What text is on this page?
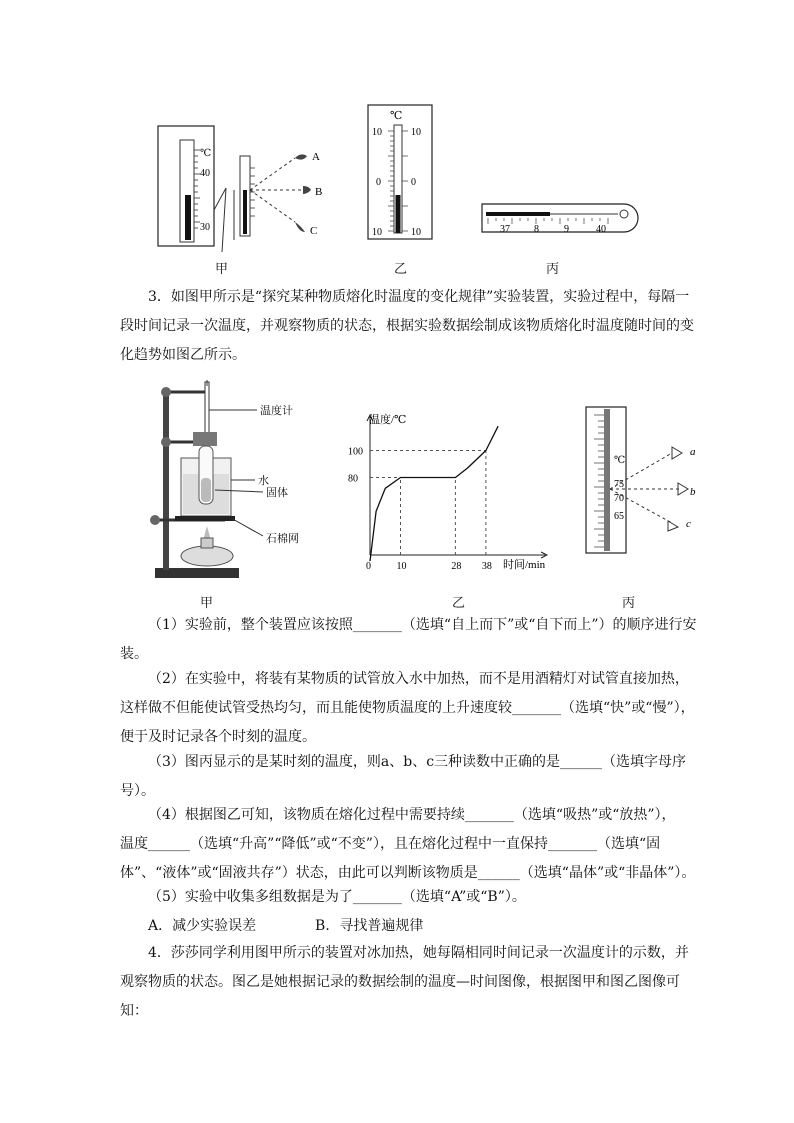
℃
40
30
A
B
C
℃
10
0
10
10
0
10	37 8	9	40
甲	乙	丙
3．如图甲所示是“探究某种物质熔化时温度的变化规律”实验装置，实验过程中，每隔一段时间记录一次温度，并观察物质的状态，根据实验数据绘制成该物质熔化时温度随时间的变化趋势如图乙所示。
温度计
水
固体
石棉网
100
80
0	10	28 38
温度/℃
时间/min
℃
75
70
65
a
b
c
甲	乙	丙
（1）实验前，整个装置应该按照_______（选填“自上而下”或“自下而上”）的顺序进行安装。
（2）在实验中，将装有某物质的试管放入水中加热，而不是用酒精灯对试管直接加热，这样做不但能使试管受热均匀，而且能使物质温度的上升速度较_______（选填“快”或“慢”），便于及时记录各个时刻的温度。
（3）图丙显示的是某时刻的温度，则a、b、c三种读数中正确的是______（选填字母序号）。
（4）根据图乙可知，该物质在熔化过程中需要持续_______（选填“吸热”或“放热”），
温度______（选填“升高”“降低”或“不变”），且在熔化过程中一直保持_______（选填“固体”、“液体”或“固液共存”）状态，由此可以判断该物质是______（选填“晶体”或“非晶体”）。
（5）实验中收集多组数据是为了_______（选填“A”或“B”）。
A．减少实验误差	B．寻找普遍规律
4．莎莎同学利用图甲所示的装置对冰加热，她每隔相同时间记录一次温度计的示数，并观察物质的状态。图乙是她根据记录的数据绘制的温度—时间图像，根据图甲和图乙图像可知：
